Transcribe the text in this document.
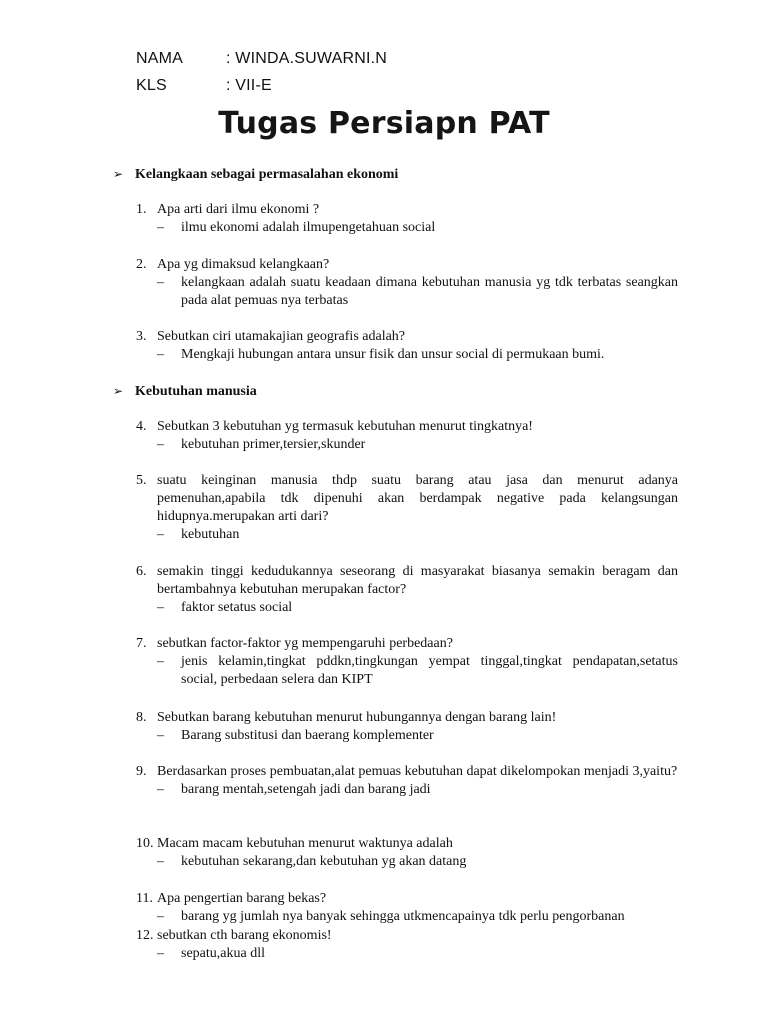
NAMA	: WINDA.SUWARNI.N
KLS	: VII-E
Tugas Persiapn PAT
➢ Kelangkaan sebagai permasalahan ekonomi
1. Apa arti dari ilmu ekonomi ?
– ilmu ekonomi adalah ilmupengetahuan social
2. Apa yg dimaksud kelangkaan?
– kelangkaan adalah suatu keadaan dimana kebutuhan manusia yg tdk terbatas seangkan pada alat pemuas nya terbatas
3. Sebutkan ciri utamakajian geografis adalah?
– Mengkaji hubungan antara unsur fisik dan unsur social di permukaan bumi.
➢ Kebutuhan manusia
4. Sebutkan 3 kebutuhan yg termasuk kebutuhan menurut tingkatnya!
– kebutuhan primer,tersier,skunder
5. suatu keinginan manusia thdp suatu barang atau jasa dan menurut adanya pemenuhan,apabila tdk dipenuhi akan berdampak negative pada kelangsungan hidupnya.merupakan arti dari?
– kebutuhan
6. semakin tinggi kedudukannya seseorang di masyarakat biasanya semakin beragam dan bertambahnya kebutuhan merupakan factor?
– faktor setatus social
7. sebutkan factor-faktor yg mempengaruhi perbedaan?
– jenis kelamin,tingkat pddkn,tingkungan yempat tinggal,tingkat pendapatan,setatus social, perbedaan selera dan KIPT
8. Sebutkan barang kebutuhan menurut hubungannya dengan barang lain!
– Barang substitusi dan baerang komplementer
9. Berdasarkan proses pembuatan,alat pemuas kebutuhan dapat dikelompokan menjadi 3,yaitu?
– barang mentah,setengah jadi dan barang jadi
10. Macam macam kebutuhan menurut waktunya adalah
– kebutuhan sekarang,dan kebutuhan yg akan datang
11. Apa pengertian barang bekas?
– barang yg jumlah nya banyak sehingga utkmencapainya tdk perlu pengorbanan
12. sebutkan cth barang ekonomis!
– sepatu,akua dll
